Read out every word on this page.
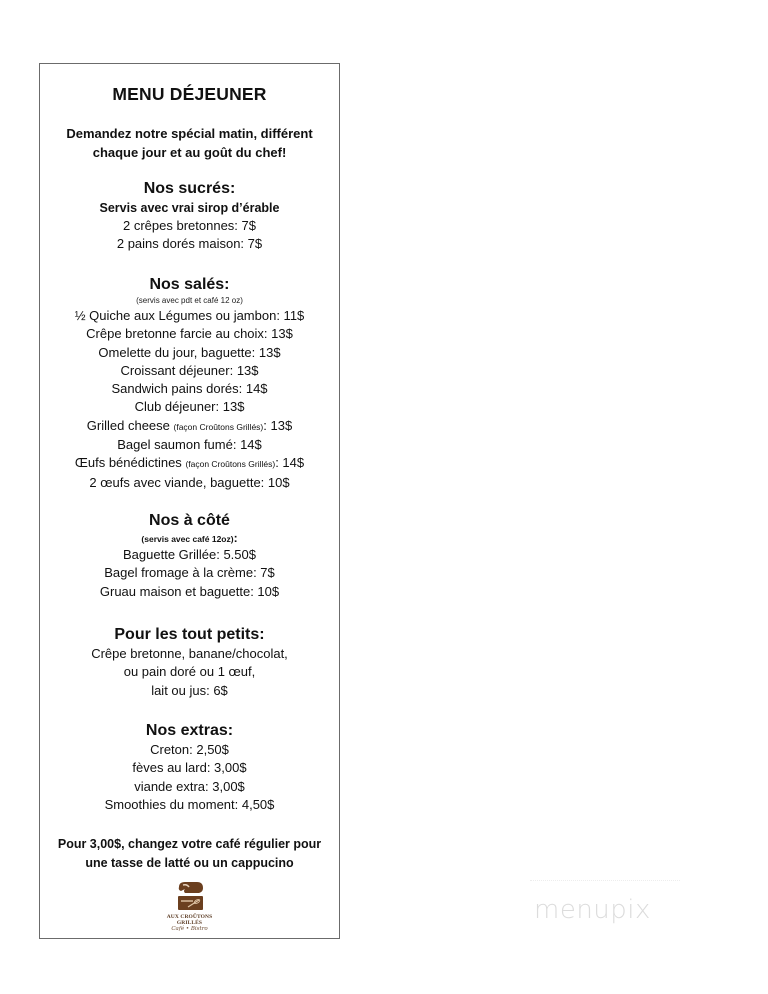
MENU DÉJEUNER
Demandez notre spécial matin, différent
chaque jour et au goût du chef!
Nos sucrés:
Servis avec vrai sirop d’érable
2 crêpes bretonnes: 7$
2 pains dorés maison: 7$
Nos salés:
(servis avec pdt et café 12 oz)
½ Quiche aux Légumes ou jambon: 11$
Crêpe bretonne farcie au choix: 13$
Omelette du jour, baguette: 13$
Croissant déjeuner: 13$
Sandwich pains dorés: 14$
Club déjeuner: 13$
Grilled cheese (façon Croûtons Grillés): 13$
Bagel saumon fumé: 14$
Œufs bénédictines (façon Croûtons Grillés): 14$
2 œufs avec viande, baguette: 10$
Nos à côté
(servis avec café 12oz):
Baguette Grillée: 5.50$
Bagel fromage à la crème: 7$
Gruau maison et baguette: 10$
Pour les tout petits:
Crêpe bretonne, banane/chocolat,
ou pain doré ou 1 œuf,
lait ou jus: 6$
Nos extras:
Creton: 2,50$
fèves au lard: 3,00$
viande extra: 3,00$
Smoothies du moment: 4,50$
Pour 3,00$, changez votre café régulier pour
une tasse de latté ou un cappucino
AUX CROÛTONS GRILLÉS
Café • Bistro
menupix
